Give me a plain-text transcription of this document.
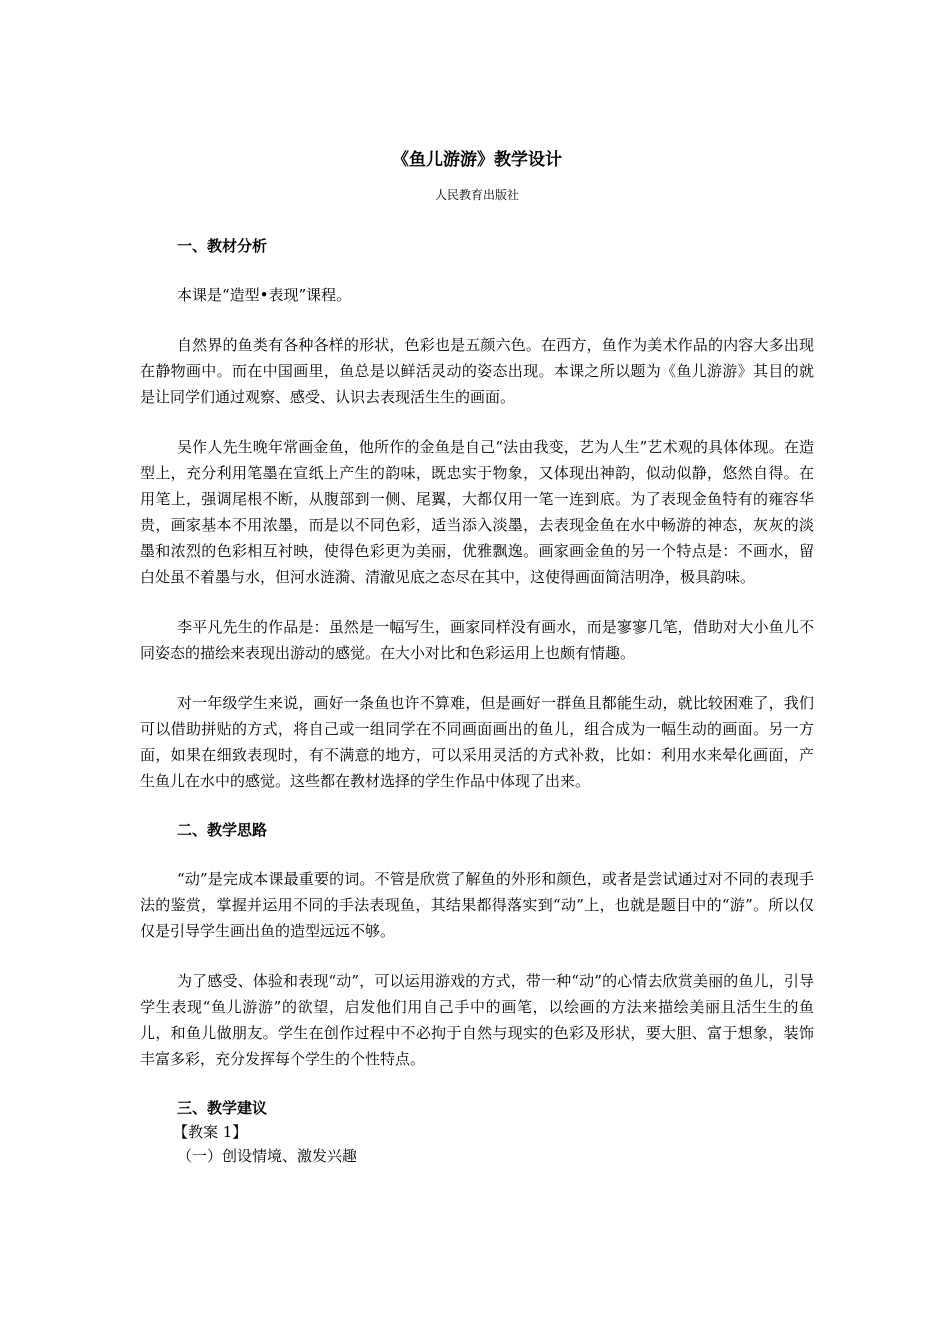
《鱼儿游游》教学设计

人民教育出版社

一、教材分析

本课是“造型•表现”课程。

自然界的鱼类有各种各样的形状，色彩也是五颜六色。在西方，鱼作为美术作品的内容大多出现在静物画中。而在中国画里，鱼总是以鲜活灵动的姿态出现。本课之所以题为《鱼儿游游》其目的就是让同学们通过观察、感受、认识去表现活生生的画面。

吴作人先生晚年常画金鱼，他所作的金鱼是自己“法由我变，艺为人生”艺术观的具体体现。在造型上，充分利用笔墨在宣纸上产生的韵味，既忠实于物象，又体现出神韵，似动似静，悠然自得。在用笔上，强调尾根不断，从腹部到一侧、尾翼，大都仅用一笔一连到底。为了表现金鱼特有的雍容华贵，画家基本不用浓墨，而是以不同色彩，适当添入淡墨，去表现金鱼在水中畅游的神态，灰灰的淡墨和浓烈的色彩相互衬映，使得色彩更为美丽，优雅飘逸。画家画金鱼的另一个特点是：不画水，留白处虽不着墨与水，但河水涟漪、清澈见底之态尽在其中，这使得画面简洁明净，极具韵味。

李平凡先生的作品是：虽然是一幅写生，画家同样没有画水，而是寥寥几笔，借助对大小鱼儿不同姿态的描绘来表现出游动的感觉。在大小对比和色彩运用上也颇有情趣。

对一年级学生来说，画好一条鱼也许不算难，但是画好一群鱼且都能生动，就比较困难了，我们可以借助拼贴的方式，将自己或一组同学在不同画面画出的鱼儿，组合成为一幅生动的画面。另一方面，如果在细致表现时，有不满意的地方，可以采用灵活的方式补救，比如：利用水来晕化画面，产生鱼儿在水中的感觉。这些都在教材选择的学生作品中体现了出来。

二、教学思路

“动”是完成本课最重要的词。不管是欣赏了解鱼的外形和颜色，或者是尝试通过对不同的表现手法的鉴赏，掌握并运用不同的手法表现鱼，其结果都得落实到“动”上，也就是题目中的“游”。所以仅仅是引导学生画出鱼的造型远远不够。

为了感受、体验和表现“动”，可以运用游戏的方式，带一种“动”的心情去欣赏美丽的鱼儿，引导学生表现“鱼儿游游”的欲望，启发他们用自己手中的画笔，以绘画的方法来描绘美丽且活生生的鱼儿，和鱼儿做朋友。学生在创作过程中不必拘于自然与现实的色彩及形状，要大胆、富于想象，装饰丰富多彩，充分发挥每个学生的个性特点。

三、教学建议

【教案 1】

（一）创设情境、激发兴趣
